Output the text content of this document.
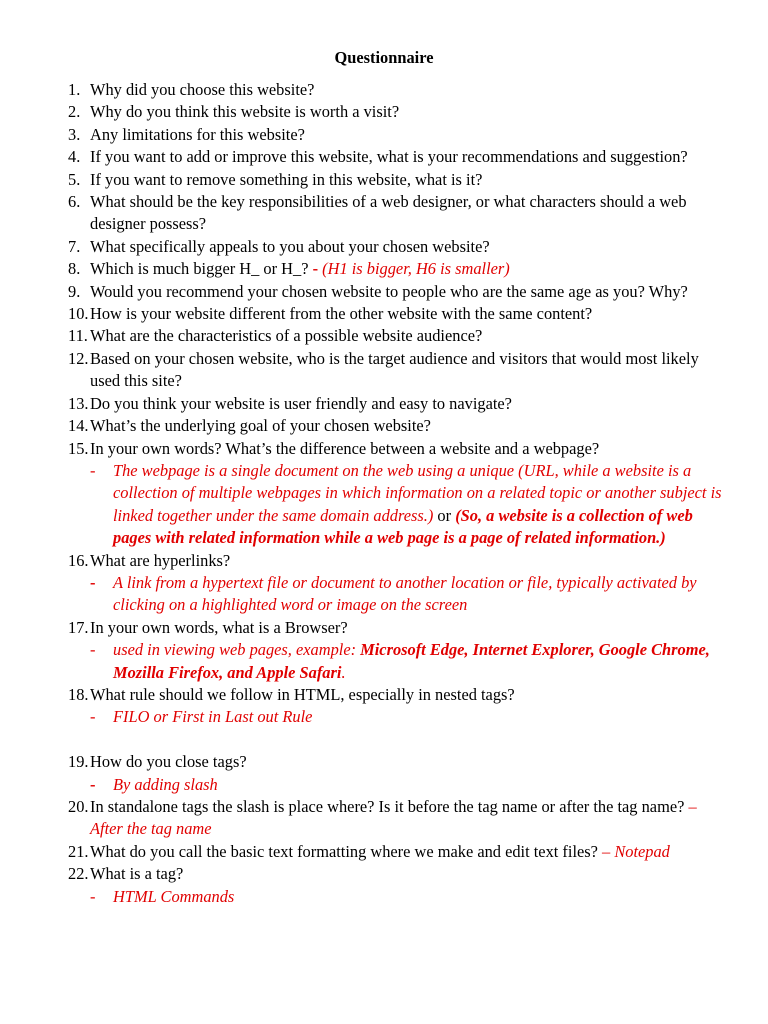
Questionnaire
1. Why did you choose this website?
2. Why do you think this website is worth a visit?
3. Any limitations for this website?
4. If you want to add or improve this website, what is your recommendations and suggestion?
5. If you want to remove something in this website, what is it?
6. What should be the key responsibilities of a web designer, or what characters should a web designer possess?
7. What specifically appeals to you about your chosen website?
8. Which is much bigger H_ or H_? - (H1 is bigger, H6 is smaller)
9. Would you recommend your chosen website to people who are the same age as you? Why?
10. How is your website different from the other website with the same content?
11. What are the characteristics of a possible website audience?
12. Based on your chosen website, who is the target audience and visitors that would most likely used this site?
13. Do you think your website is user friendly and easy to navigate?
14. What’s the underlying goal of your chosen website?
15. In your own words? What’s the difference between a website and a webpage?
- The webpage is a single document on the web using a unique (URL, while a website is a collection of multiple webpages in which information on a related topic or another subject is linked together under the same domain address.) or (So, a website is a collection of web pages with related information while a web page is a page of related information.)
16. What are hyperlinks?
- A link from a hypertext file or document to another location or file, typically activated by clicking on a highlighted word or image on the screen
17. In your own words, what is a Browser?
- used in viewing web pages, example: Microsoft Edge, Internet Explorer, Google Chrome, Mozilla Firefox, and Apple Safari.
18. What rule should we follow in HTML, especially in nested tags?
- FILO or First in Last out Rule
19. How do you close tags?
- By adding slash
20. In standalone tags the slash is place where? Is it before the tag name or after the tag name? – After the tag name
21. What do you call the basic text formatting where we make and edit text files? – Notepad
22. What is a tag?
- HTML Commands
